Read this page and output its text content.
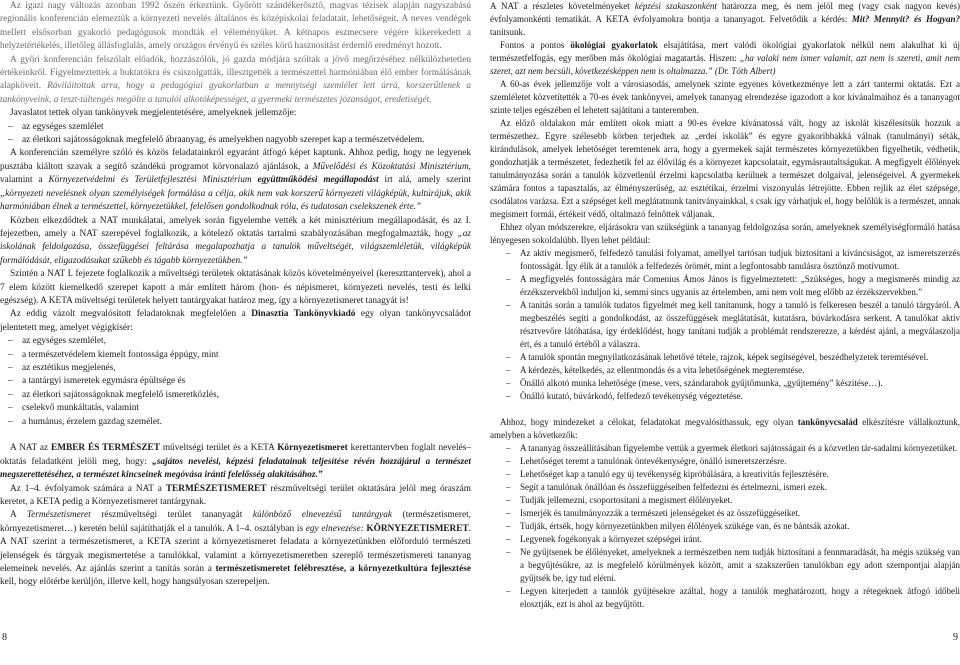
Az igazi nagy változás azonban 1992 őszén érkeztünk. Győrött szándékerősztő, magvas tézisek alapján nagyszabású regionális konferencián elemeztük a környezeti nevelés általános és középiskolai feladatait, lehetőségeit. A neves vendégek mellett elsősorban gyakorló pedagógusok mondták el véleményüket. A kétnapos eszmecsere végére kikerekedett a helyzetértékelés, illetőleg állásfoglalás, amely országos érvényű és széles körű hasznosítást érdemlő eredményt hozott.

A győri konferencián felszólalt előadók, hozzászólók, jó gazda módjára szóltak a jövő megőrzéséhez nélkülözhetetlen értékeinkről. Figyelmeztettek a buktatókra és csiszolgatták, illesztgették a természettel harmóniában élő ember formálásának alapköveit. Ráviláitottak arra, hogy a pedagógiai gyakorlatban a mennyiségi szemlélet lett úrrá, korszerűtlenek a tankönyveink, a teszt-túltengés megölte a tanulói alkotóképességet, a gyermeki természetes józanságot, eredetiségét.

Javaslatot tettek olyan tankönyvek megjelentetésére, amelyeknek jellemzője:

– az egységes szemlélet
– az életkori sajátosságoknak megfelelő ábraanyag, és amelyekben nagyobb szerepet kap a természetvédelem.

A konferencián személyre szóló és közös feladatainkról egyaránt átfogó képet kaptunk. Ahhoz pedig, hogy ne legyenek pusztába kiáltott szavak a segítő szándékú programot körvonalazó ajánlások, a Művelődési és Közoktatási Minisztérium, valamint a Környezetvédelmi és Területfejlesztési Minisztérium együttműködési megállapodást írt alá, amely szerint „környezeti nevelésnek olyan személyiségek formálása a célja, akik nem vak korszerű környezeti világképük, kultúrájuk, akik harmóniában élnek a természettel, környezetükkel, felelősen gondolkodnak róla, és tudatosan cselekszenek érte.”

Közben elkezdődtek a NAT munkálatai, amelyek során figyelembe vették a két minisztérium megállapodását, és az I. fejezetben, amely a NAT szerepével foglalkozik, a kötelező oktatás tartalmi szabályozásában megfogalmazták, hogy „az iskolának feldolgozása, összefüggései feltárása megalapozhatja a tanulók műveltségét, világszemléletük, világképük formálódását, eligazodásukat szűkebb és tágabb környezetükben.”

Szintén a NAT I. fejezete foglalkozik a műveltségi területek oktatásának közös követelményeivel (kereszttantervek), ahol a 7 elem között kiemelkedő szerepet kapott a már említett három (hon- és népismeret, környezeti nevelés, testi és lelki egészség). A KETA műveltségi területek helyett tantárgyakat határoz meg, így a környezetismeret tanagyát is!

Az eddig vázolt megvalósított feladatoknak megfelelően a Dinasztia Tankönyvkiadó egy olyan tankönyvcsaládot jelentetett meg, amelyet végigkísér:

– az egységes szemlélet,
– a természetvédelem kiemelt fontossága éppúgy, mint
– az esztétikus megjelenés,
– a tantárgyi ismeretek egymásra épültsége és
– az életkori sajátosságoknak megfelelő ismeretközlés,
– cselekvő munkáltatás, valamint
– a humánus, érzelem gazdag személet.

A NAT az EMBER ÉS TERMÉSZET műveltségi terület és a KETA Környezetismeret kerettantervben foglalt nevelés–oktatás feladatként jelöli meg, hogy: „sajátos nevelési, képzési feladatainak teljesítése révén hozzájárul a természet megszerettetéséhez, a természet kincseinek megóvása iránti felelősség alakításához.”

Az 1–4. évfolyamok számára a NAT a TERMÉSZETISMERET részműveltségi terület oktatására jelöl meg óraszám keretet, a KETA pedig a Környezetismeret tantárgynak.

A Természetismeret részműveltségi terület tananyagát különböző elnevezésű tantárgyak (természetismeret, környezetismeret…) keretén belül sajátíthatják el a tanulók. A 1–4. osztályban is egy elnevezése: KÖRNYEZETISMERET. A NAT szerint a természetismeret, a KETA szerint a környezetismeret feladata a környezetünkben előforduló természeti jelenségek és tárgyak megismertetése a tanulókkal, valamint a környezetismeretben szereplő természetismereti tananyag elemeinek nevelés. Az ajánlás szerint a tanítás során a természetismeretet felébresztése, a környezetkultúra fejlesztése kell, hogy előtérbe kerüljön, illetve kell, hogy hangsúlyosan szerepeljen.

8

A NAT a részletes követelményeket képzési szakaszonként határozza meg, és nem jelöl meg (vagy csak nagyon kevés) évfolyamonkénti tematikát. A KETA évfolyamokra bontja a tananyagot. Felvetődik a kérdés: Mit? Mennyit? és Hogyan? tanítsunk.

Fontos a pontos ökológiai gyakorlatok elsajátítása, mert valódi ökológiai gyakorlatok nélkül nem alakulhat ki új természetfelfogás, egy merőben más ökológiai magatartás. Hiszen: „ha valaki nem ismer valamit, azt nem is szereti, amit nem szeret, azt nem becsüli, következésképpen nem is oltalmazza.” (Dr. Tóth Albert)

A 60-as évek jellemzője volt a városiasodás, amelynek szinte egyenes következménye lett a zárt tantermi oktatás. Ezt a szemléletet közvetítették a 70-es évek tankönyvei, amelyek tananyag elrendezése igazodott a kor kívánalmaihoz és a tananyagot szinte teljes egészében el lehetett sajátítani a tanteremben.

Az előző oldalakon már említett okok miatt a 90-es évekre kívánatossá vált, hogy az iskolát kiszélesítsük hozzuk a természethez. Egyre szélesebb körben terjedtek az „erdei iskolák” és egyre gyakoribbakká válnak (tanulmányi) séták, kirándulások, amelyek lehetőséget teremtenek arra, hogy a gyermekek saját természetes környezetükben figyelhetik, védhetik, gondozhatják a természetet, fedezhetik fel az élővilág és a környezet kapcsolatait, egymásrautaltságukat. A megfigyelt élőlények tanulmányozása során a tanulók közvetlenül érzelmi kapcsolatba kerülnek a természet dolgaival, jelenségeivel. A gyermekek számára fontos a tapasztalás, az élményszerűség, az esztétikai, érzelmi viszonyulás létrejötte. Ebben rejlik az élet szépsége, csodálatos varázsa. Ezt a szépséget kell meglátatnunk tanítványainkkal, s csak így várhatjuk el, hogy belőlük is a természet, annak megismert formái, értékeit védő, oltalmazó felnőttek váljanak.

Ehhez olyan módszerekre, eljárásokra van szükségünk a tananyag feldolgozása során, amelyeknek személyiségformáló hatása lényegesen sokoldalúbb. Ilyen lehet például:

– Az aktív megismerő, felfedező tanulási folyamat, amellyel tartósan tudjuk biztosítani a kíváncsiságot, az ismeretszerzés fontosságát. Így élik át a tanulók a felfedezés örömét, mint a legfontosabb tanulásra ösztönző motívumot.
– A megfigyelés fontosságára már Comenius Ámos János is figyelmeztetett: „Szükséges, hogy a megismerés mindig az érzékszervekből induljon ki, semmi sincs ugyanis az értelemben, ami nem volt meg előbb az érzékszervekben.”
– A tanítás során a tanulók tudatos figyelmét meg kell tanítanunk, hogy a tanuló is felkeresen beszél a tanuló tárgyáról. A megbeszélés segíti a gondolkodást, az összefüggések meglátatását, kutatásra, búvárkodásra serkent. A tanulókat aktív résztvevőre látóhatása, így érdeklődést, hogy tanítani tudják a problémát rendszerezze, a kérdést ajánl, a megválaszolja ért, és a tanuló értéből a válaszra.
– A tanulók spontán megnyilatkozásának lehetővé tétele, rajzok, képek segítségével, beszédhelyzetek teremtésével.
– A kérdezés, kételkedés, az ellentmondás és a vita lehetőségének megteremtése.
– Önálló alkotó munka lehetősége (mese, vers, szándarabok gyűjtőmunka, „gyűjtemény” készítése…).
– Önálló kutató, búvárkodó, felfedező tevékenység végeztetése.

Ahhoz, hogy mindezeket a célokat, feladatokat megvalósíthassuk, egy olyan tankönyvcsalád elkészítésre vállalkoztunk, amelyben a következők:

– A tananyag összeállításában figyelembe vettük a gyermek életkori sajátosságait és a közvetlen tár-sadalmi környezetüket.
– Lehetőséget teremt a tanulónak öntevékenységre, önálló ismeretszerzésre.
– Lehetőséget kap a tanuló egy új tevékenység kipróbálására, a kreativitás fejlesztésére.
– Segít a tanulónak önállóan és összefüggéseiben felfedezni és értelmezni, ismeri ezek.
– Tudják jellemezni, csoportosítani a megismert élőlényeket.
– Ismerjék és tanulmányozzák a természeti jelenségeket és az összefüggéseiket.
– Tudják, értsék, hogy környezetünkben milyen élőlények szükége van, és ne bántsák azokat.
– Legyenek fogékonyak a környezet szépségei iránt.
– Ne gyűjtsenek be élőlényeket, amelyeknek a természetben nem tudják biztosítani a fennmaradását, ha mégis szükség van a begyűjtésükre, az is megfelelő körülmények között, amit a szakszerűen tanulókban egy adott szempontjai alapján gyűjtsék be, így tud elérni.
– Legyen kiterjedett a tanulók gyűjtésekre azáltal, hogy a tanulók meghatározott, hogy a rétegeknek átfogó időbeli elosztják, ezt is ahol az begyűjtött.
9
